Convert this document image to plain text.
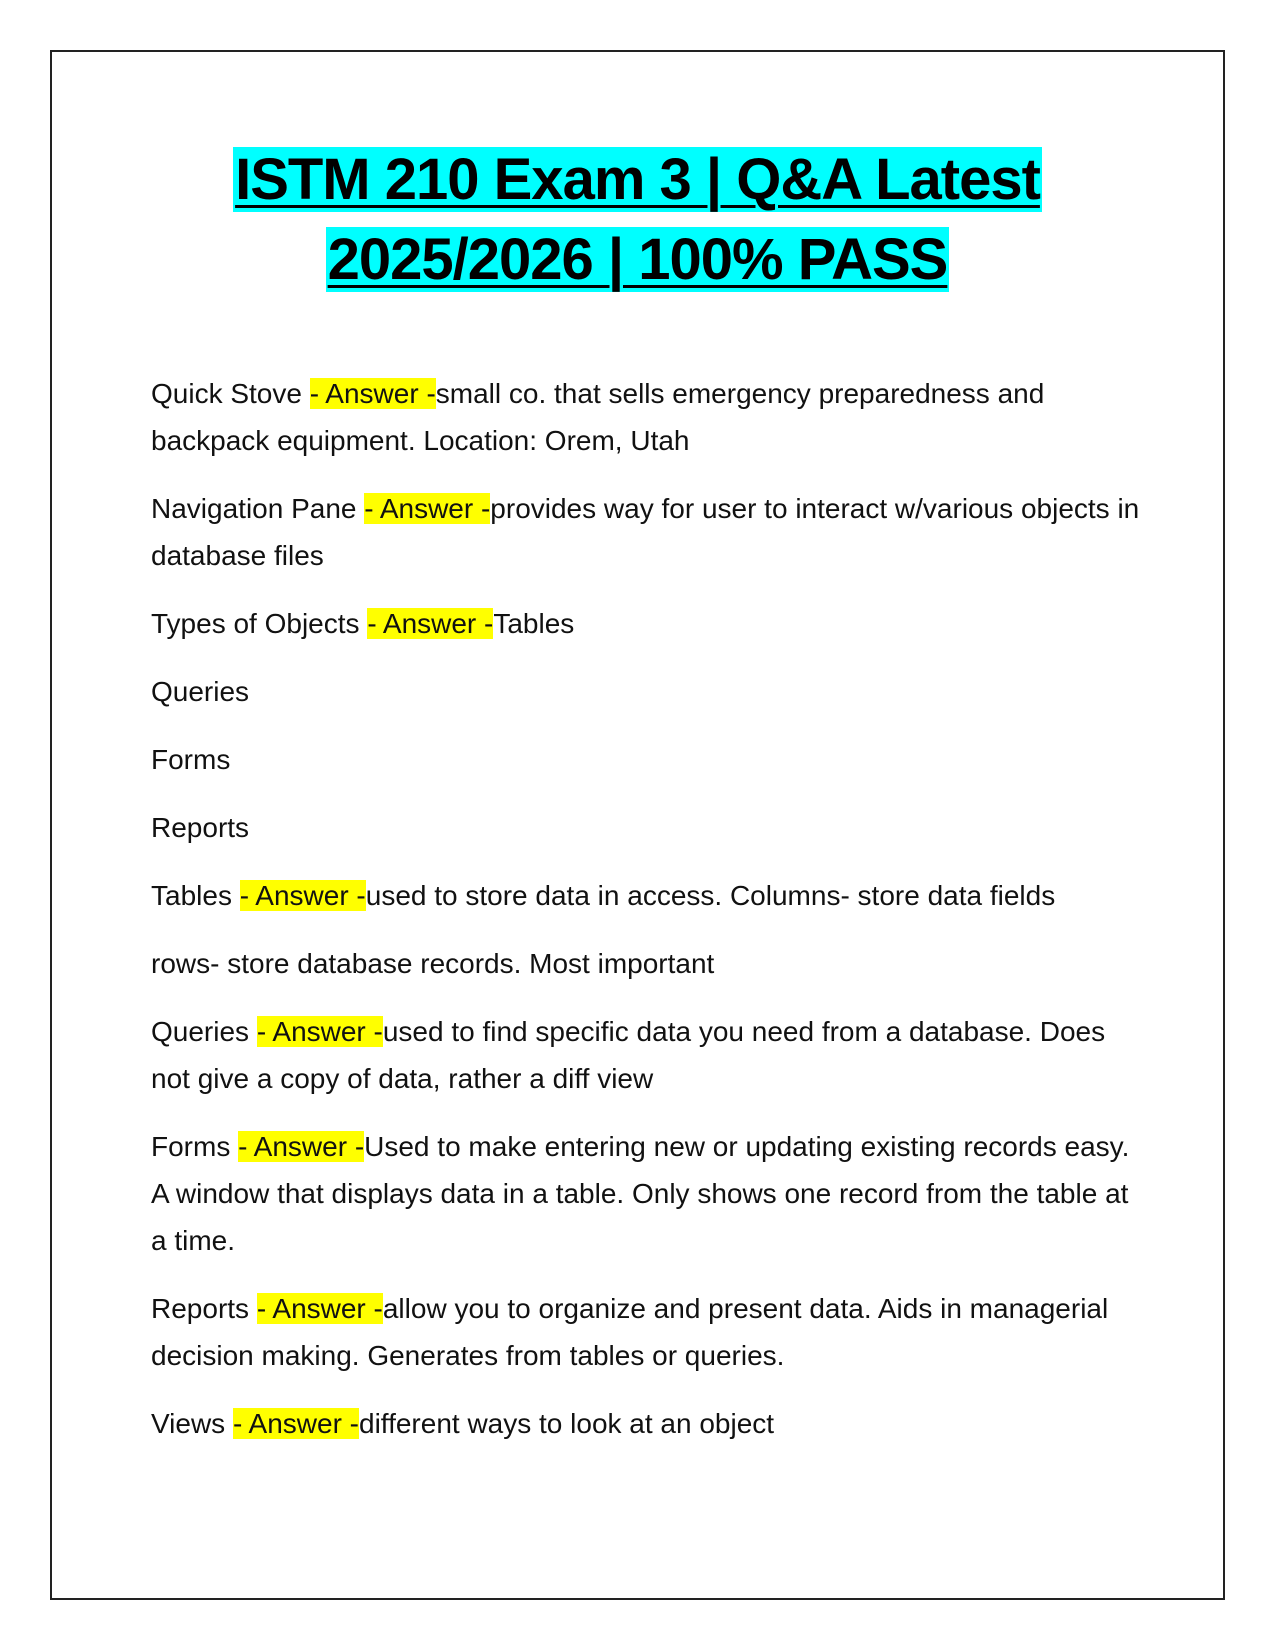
ISTM 210 Exam 3 | Q&A Latest
2025/2026 | 100% PASS

Quick Stove - Answer -small co. that sells emergency preparedness and backpack equipment. Location: Orem, Utah

Navigation Pane - Answer -provides way for user to interact w/various objects in database files

Types of Objects - Answer -Tables

Queries

Forms

Reports

Tables - Answer -used to store data in access. Columns- store data fields

rows- store database records. Most important

Queries - Answer -used to find specific data you need from a database. Does not give a copy of data, rather a diff view

Forms - Answer -Used to make entering new or updating existing records easy. A window that displays data in a table. Only shows one record from the table at a time.

Reports - Answer -allow you to organize and present data. Aids in managerial decision making. Generates from tables or queries.

Views - Answer -different ways to look at an object
